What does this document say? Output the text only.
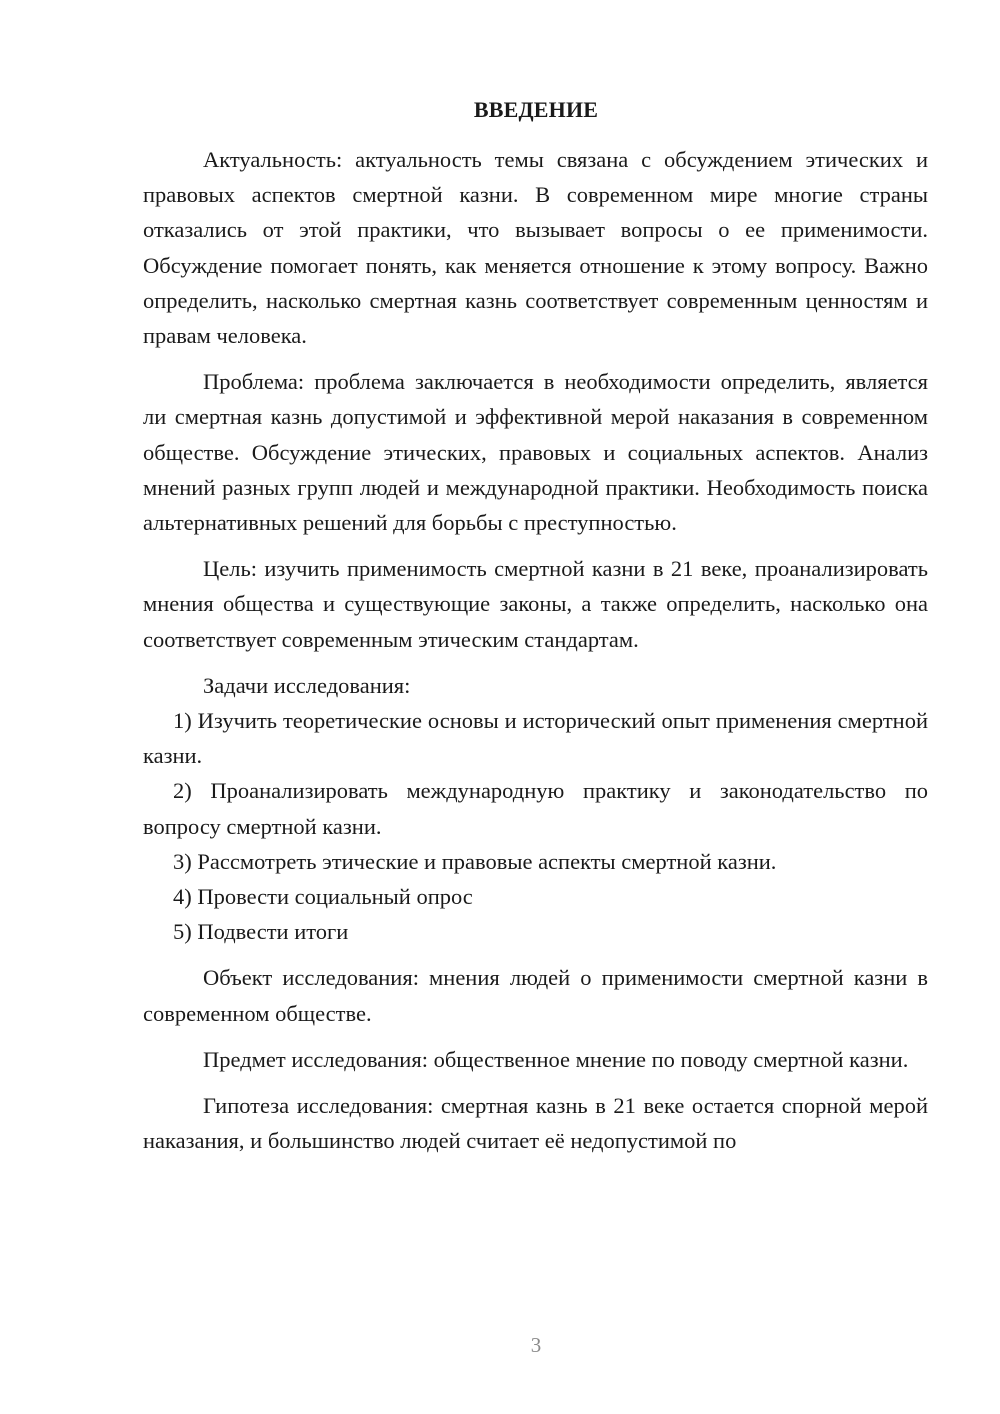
ВВЕДЕНИЕ

Актуальность: актуальность темы связана с обсуждением этических и правовых аспектов смертной казни. В современном мире многие страны отказались от этой практики, что вызывает вопросы о ее применимости. Обсуждение помогает понять, как меняется отношение к этому вопросу. Важно определить, насколько смертная казнь соответствует современным ценностям и правам человека.

Проблема: проблема заключается в необходимости определить, является ли смертная казнь допустимой и эффективной мерой наказания в современном обществе. Обсуждение этических, правовых и социальных аспектов. Анализ мнений разных групп людей и международной практики. Необходимость поиска альтернативных решений для борьбы с преступностью.

Цель: изучить применимость смертной казни в 21 веке, проанализировать мнения общества и существующие законы, а также определить, насколько она соответствует современным этическим стандартам.

Задачи исследования:

1) Изучить теоретические основы и исторический опыт применения смертной казни.

2) Проанализировать международную практику и законодательство по вопросу смертной казни.

3) Рассмотреть этические и правовые аспекты смертной казни.

4) Провести социальный опрос

5) Подвести итоги

Объект исследования: мнения людей о применимости смертной казни в современном обществе.

Предмет исследования: общественное мнение по поводу смертной казни.

Гипотеза исследования: смертная казнь в 21 веке остается спорной мерой наказания, и большинство людей считает её недопустимой по

3
